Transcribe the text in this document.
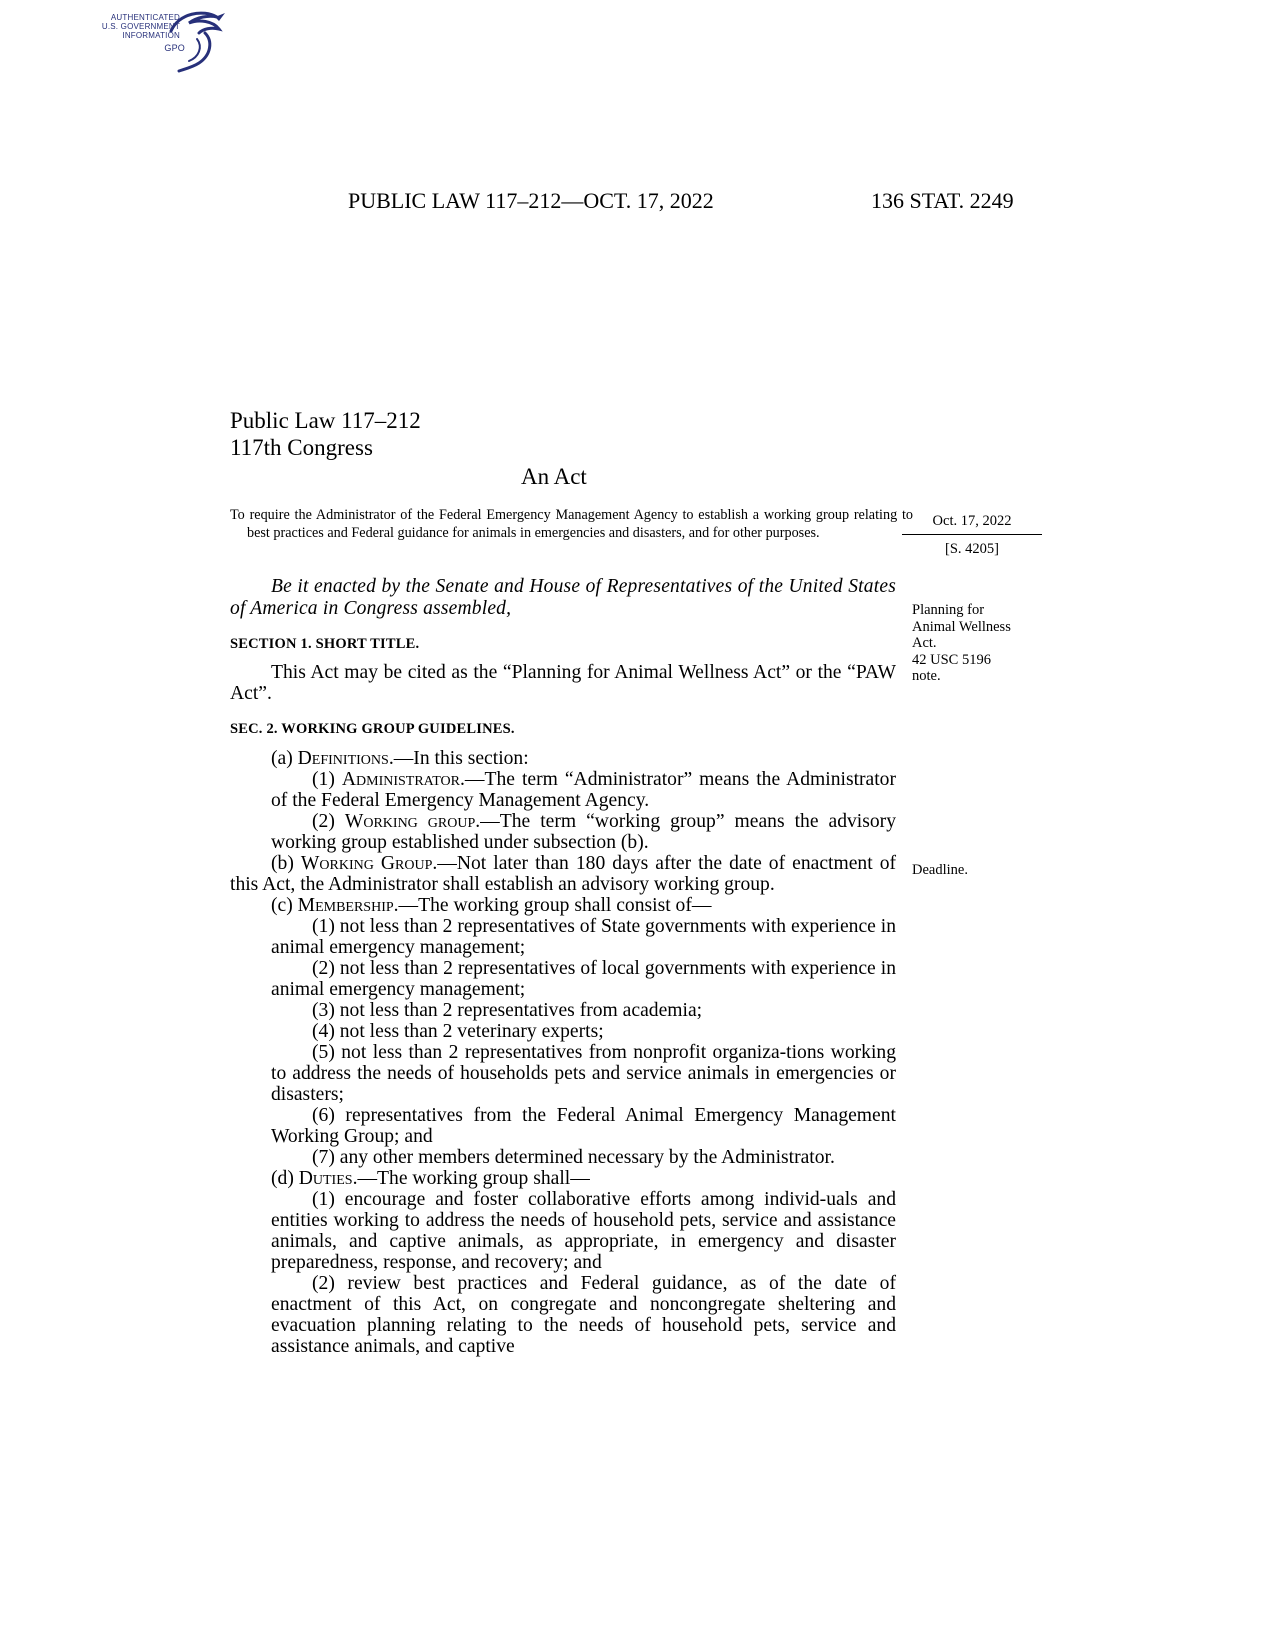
AUTHENTICATED
U.S. GOVERNMENT
INFORMATION
GPO
PUBLIC LAW 117–212—OCT. 17, 2022	136 STAT. 2249
Public Law 117–212
117th Congress
An Act
To require the Administrator of the Federal Emergency Management Agency to establish a working group relating to best practices and Federal guidance for animals in emergencies and disasters, and for other purposes.
Oct. 17, 2022
[S. 4205]
Be it enacted by the Senate and House of Representatives of the United States of America in Congress assembled,	Planning for
Animal Wellness
Act.
42 USC 5196
note.
Deadline.
SECTION 1. SHORT TITLE.
This Act may be cited as the “Planning for Animal Wellness Act” or the “PAW Act”.
SEC. 2. WORKING GROUP GUIDELINES.

(a) Definitions.—In this section:

(1) Administrator.—The term “Administrator” means the Administrator of the Federal Emergency Management Agency.

(2) Working group.—The term “working group” means the advisory working group established under subsection (b).

(b) Working Group.—Not later than 180 days after the date of enactment of this Act, the Administrator shall establish an advisory working group.

(c) Membership.—The working group shall consist of—

(1) not less than 2 representatives of State governments with experience in animal emergency management;

(2) not less than 2 representatives of local governments with experience in animal emergency management;

(3) not less than 2 representatives from academia;

(4) not less than 2 veterinary experts;

(5) not less than 2 representatives from nonprofit organiza-tions working to address the needs of households pets and service animals in emergencies or disasters;

(6) representatives from the Federal Animal Emergency Management Working Group; and

(7) any other members determined necessary by the Administrator.

(d) Duties.—The working group shall—

(1) encourage and foster collaborative efforts among individ-uals and entities working to address the needs of household pets, service and assistance animals, and captive animals, as appropriate, in emergency and disaster preparedness, response, and recovery; and

(2) review best practices and Federal guidance, as of the date of enactment of this Act, on congregate and noncongregate sheltering and evacuation planning relating to the needs of household pets, service and assistance animals, and captive
